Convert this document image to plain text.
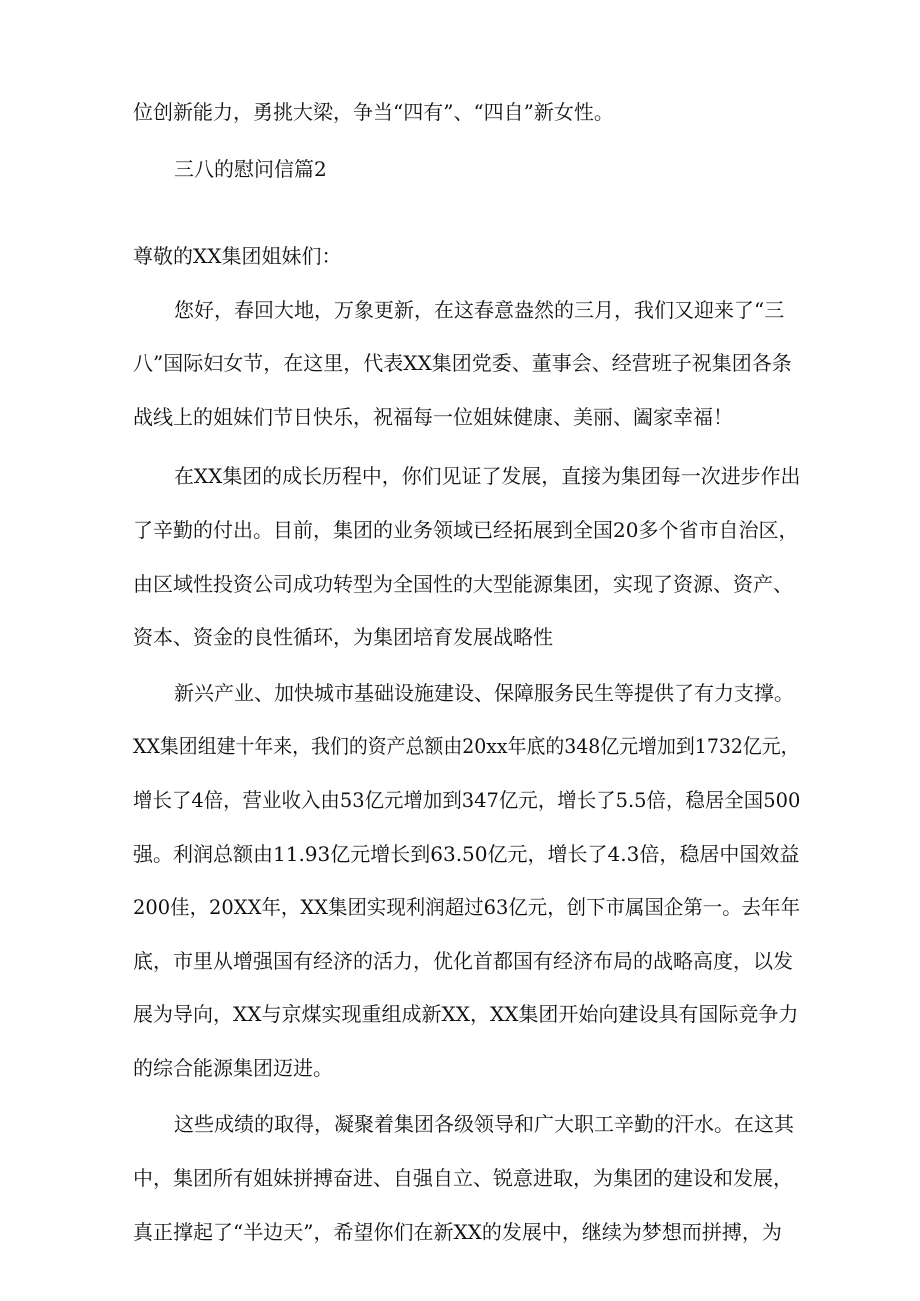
位创新能力，勇挑大梁，争当“四有”、“四自”新女性。
三八的慰问信篇2
尊敬的XX集团姐妹们：
您好，春回大地，万象更新，在这春意盎然的三月，我们又迎来了“三
八”国际妇女节，在这里，代表XX集团党委、董事会、经营班子祝集团各条
战线上的姐妹们节日快乐，祝福每一位姐妹健康、美丽、阖家幸福！
在XX集团的成长历程中，你们见证了发展，直接为集团每一次进步作出
了辛勤的付出。目前，集团的业务领域已经拓展到全国20多个省市自治区，
由区域性投资公司成功转型为全国性的大型能源集团，实现了资源、资产、
资本、资金的良性循环，为集团培育发展战略性
新兴产业、加快城市基础设施建设、保障服务民生等提供了有力支撑。
XX集团组建十年来，我们的资产总额由20xx年底的348亿元增加到1732亿元，
增长了4倍，营业收入由53亿元增加到347亿元，增长了5.5倍，稳居全国500
强。利润总额由11.93亿元增长到63.50亿元，增长了4.3倍，稳居中国效益
200佳，20XX年，XX集团实现利润超过63亿元，创下市属国企第一。去年年
底，市里从增强国有经济的活力，优化首都国有经济布局的战略高度，以发
展为导向，XX与京煤实现重组成新XX，XX集团开始向建设具有国际竞争力
的综合能源集团迈进。
这些成绩的取得，凝聚着集团各级领导和广大职工辛勤的汗水。在这其
中，集团所有姐妹拼搏奋进、自强自立、锐意进取，为集团的建设和发展，
真正撑起了“半边天”，希望你们在新XX的发展中，继续为梦想而拼搏，为
